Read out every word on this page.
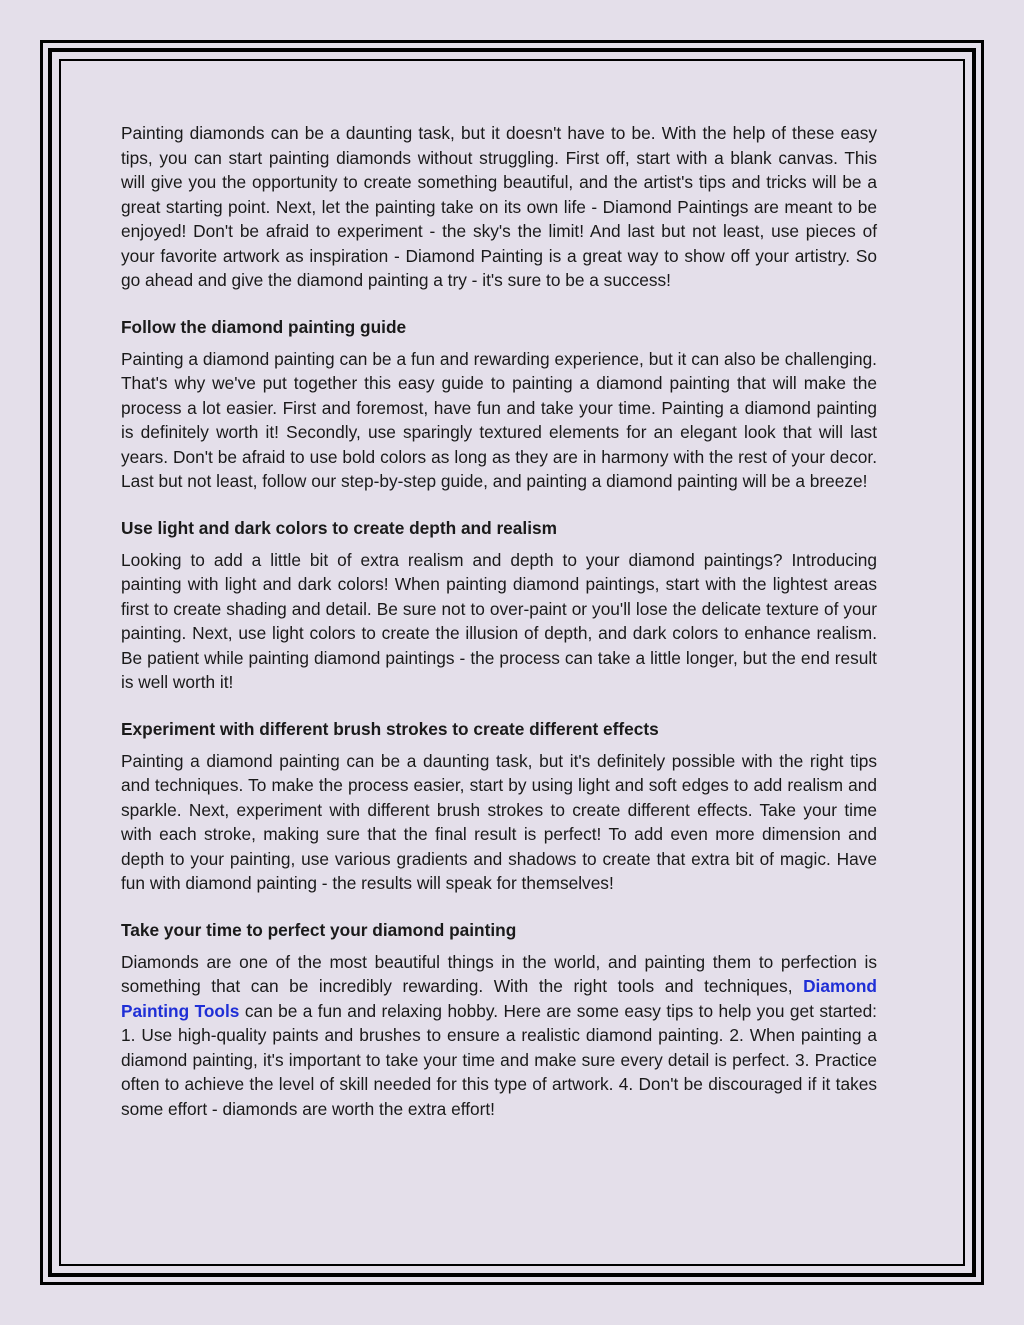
Painting diamonds can be a daunting task, but it doesn't have to be. With the help of these easy tips, you can start painting diamonds without struggling. First off, start with a blank canvas. This will give you the opportunity to create something beautiful, and the artist's tips and tricks will be a great starting point. Next, let the painting take on its own life - Diamond Paintings are meant to be enjoyed! Don't be afraid to experiment - the sky's the limit! And last but not least, use pieces of your favorite artwork as inspiration - Diamond Painting is a great way to show off your artistry. So go ahead and give the diamond painting a try - it's sure to be a success!

Follow the diamond painting guide

Painting a diamond painting can be a fun and rewarding experience, but it can also be challenging. That's why we've put together this easy guide to painting a diamond painting that will make the process a lot easier. First and foremost, have fun and take your time. Painting a diamond painting is definitely worth it! Secondly, use sparingly textured elements for an elegant look that will last years. Don't be afraid to use bold colors as long as they are in harmony with the rest of your decor. Last but not least, follow our step-by-step guide, and painting a diamond painting will be a breeze!

Use light and dark colors to create depth and realism

Looking to add a little bit of extra realism and depth to your diamond paintings? Introducing painting with light and dark colors! When painting diamond paintings, start with the lightest areas first to create shading and detail. Be sure not to over-paint or you'll lose the delicate texture of your painting. Next, use light colors to create the illusion of depth, and dark colors to enhance realism. Be patient while painting diamond paintings - the process can take a little longer, but the end result is well worth it!

Experiment with different brush strokes to create different effects

Painting a diamond painting can be a daunting task, but it's definitely possible with the right tips and techniques. To make the process easier, start by using light and soft edges to add realism and sparkle. Next, experiment with different brush strokes to create different effects. Take your time with each stroke, making sure that the final result is perfect! To add even more dimension and depth to your painting, use various gradients and shadows to create that extra bit of magic. Have fun with diamond painting - the results will speak for themselves!

Take your time to perfect your diamond painting

Diamonds are one of the most beautiful things in the world, and painting them to perfection is something that can be incredibly rewarding. With the right tools and techniques, Diamond Painting Tools can be a fun and relaxing hobby. Here are some easy tips to help you get started: 1. Use high-quality paints and brushes to ensure a realistic diamond painting. 2. When painting a diamond painting, it's important to take your time and make sure every detail is perfect. 3. Practice often to achieve the level of skill needed for this type of artwork. 4. Don't be discouraged if it takes some effort - diamonds are worth the extra effort!
